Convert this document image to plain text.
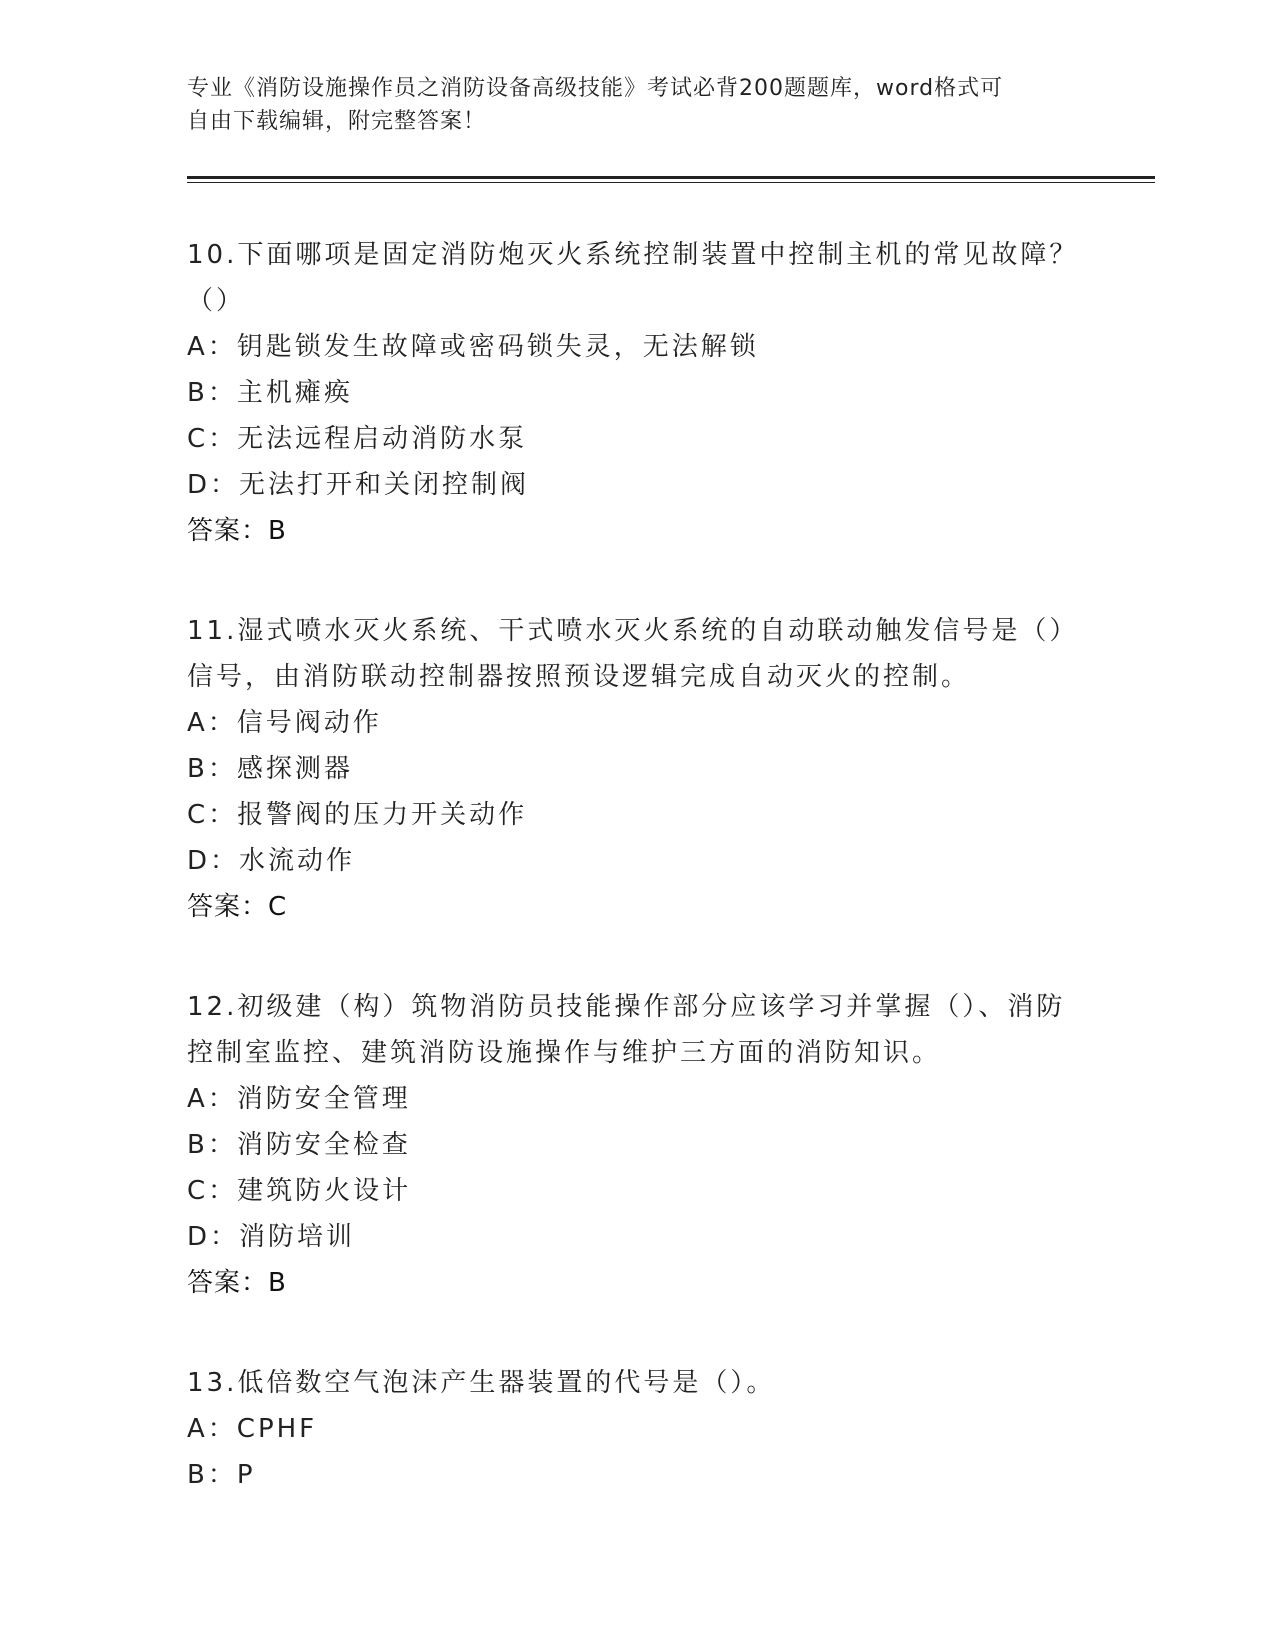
专业《消防设施操作员之消防设备高级技能》考试必背200题题库，word格式可
自由下载编辑，附完整答案！

10.下面哪项是固定消防炮灭火系统控制装置中控制主机的常见故障？

（）

A：钥匙锁发生故障或密码锁失灵，无法解锁

B：主机瘫痪

C：无法远程启动消防水泵

D：无法打开和关闭控制阀

答案：B

11.湿式喷水灭火系统、干式喷水灭火系统的自动联动触发信号是（）

信号，由消防联动控制器按照预设逻辑完成自动灭火的控制。

A：信号阀动作

B：感探测器

C：报警阀的压力开关动作

D：水流动作

答案：C

12.初级建（构）筑物消防员技能操作部分应该学习并掌握（）、消防

控制室监控、建筑消防设施操作与维护三方面的消防知识。

A：消防安全管理

B：消防安全检查

C：建筑防火设计

D：消防培训

答案：B

13.低倍数空气泡沫产生器装置的代号是（）。

A：CPHF

B：P
